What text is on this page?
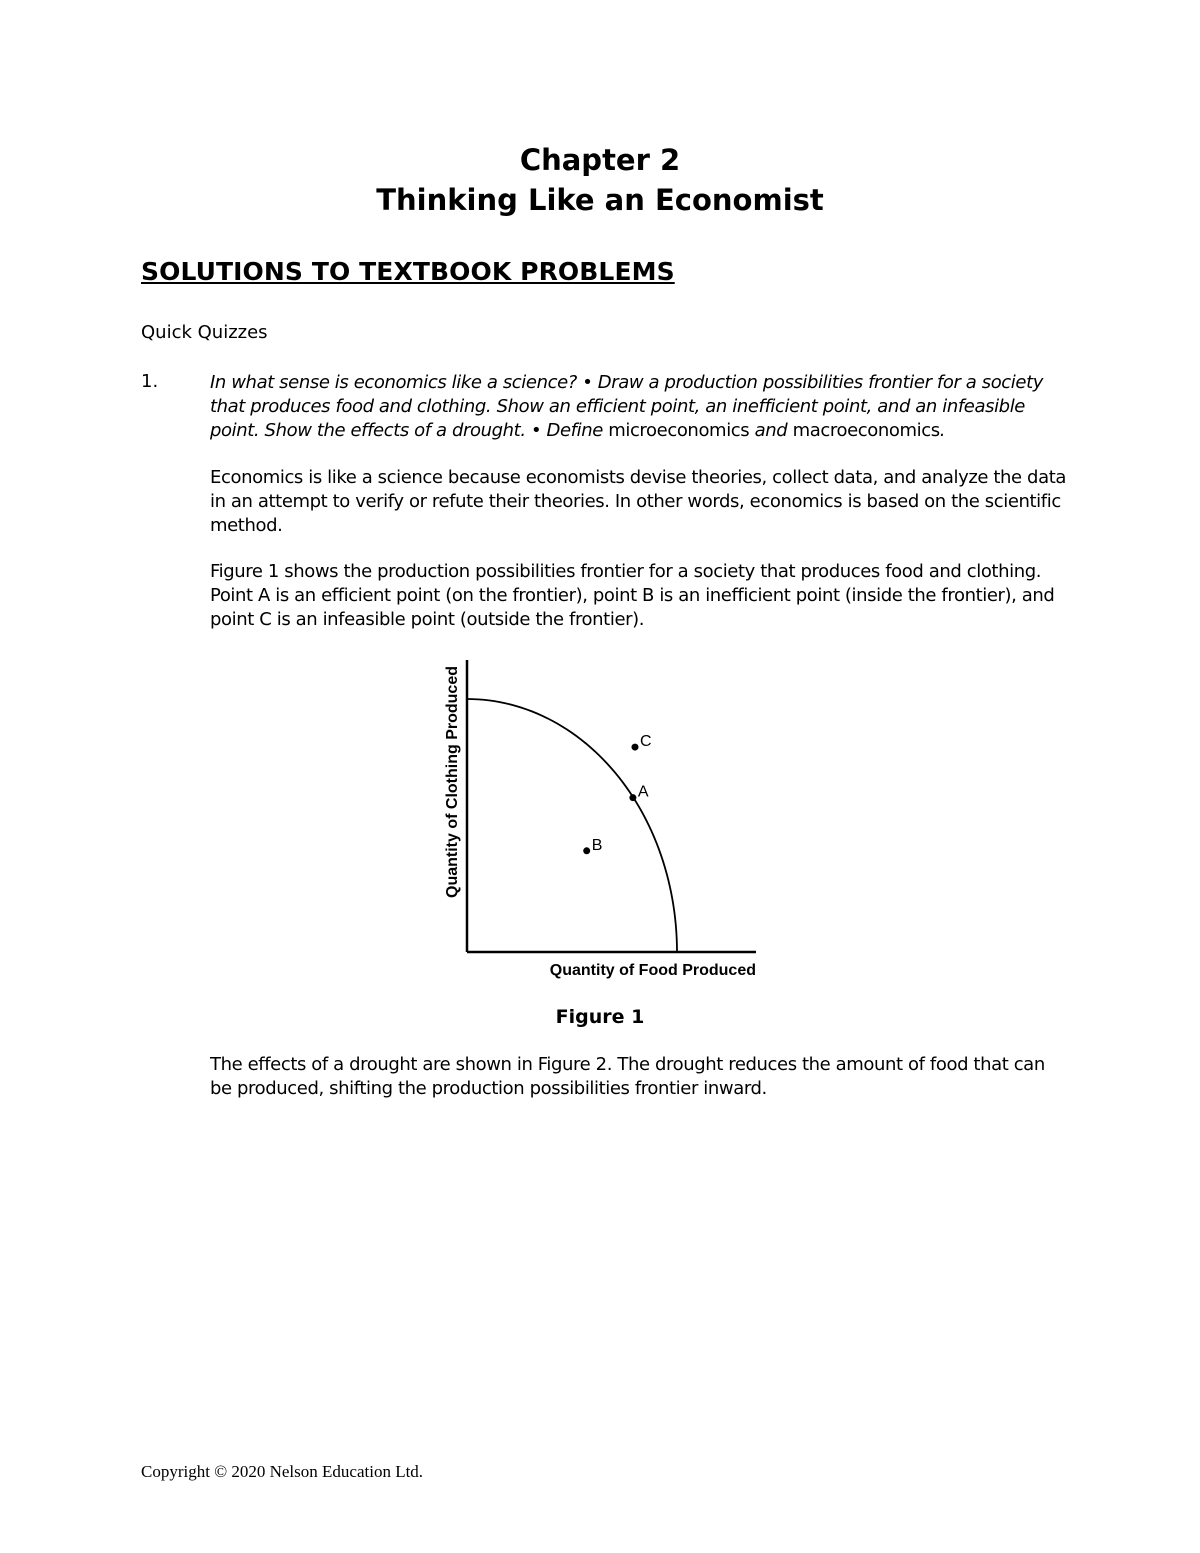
Chapter 2
Thinking Like an Economist
SOLUTIONS TO TEXTBOOK PROBLEMS
Quick Quizzes
1.	In what sense is economics like a science? • Draw a production possibilities frontier for a society that produces food and clothing. Show an efficient point, an inefficient point, and an infeasible point. Show the effects of a drought. • Define microeconomics and macroeconomics.
Economics is like a science because economists devise theories, collect data, and analyze the data in an attempt to verify or refute their theories. In other words, economics is based on the scientific method.
Figure 1 shows the production possibilities frontier for a society that produces food and clothing. Point A is an efficient point (on the frontier), point B is an inefficient point (inside the frontier), and point C is an infeasible point (outside the frontier).
A
B
C
Quantity of Food Produced
Quantity of Clothing Produced
Figure 1
The effects of a drought are shown in Figure 2. The drought reduces the amount of food that can be produced, shifting the production possibilities frontier inward.
Copyright © 2020 Nelson Education Ltd.
